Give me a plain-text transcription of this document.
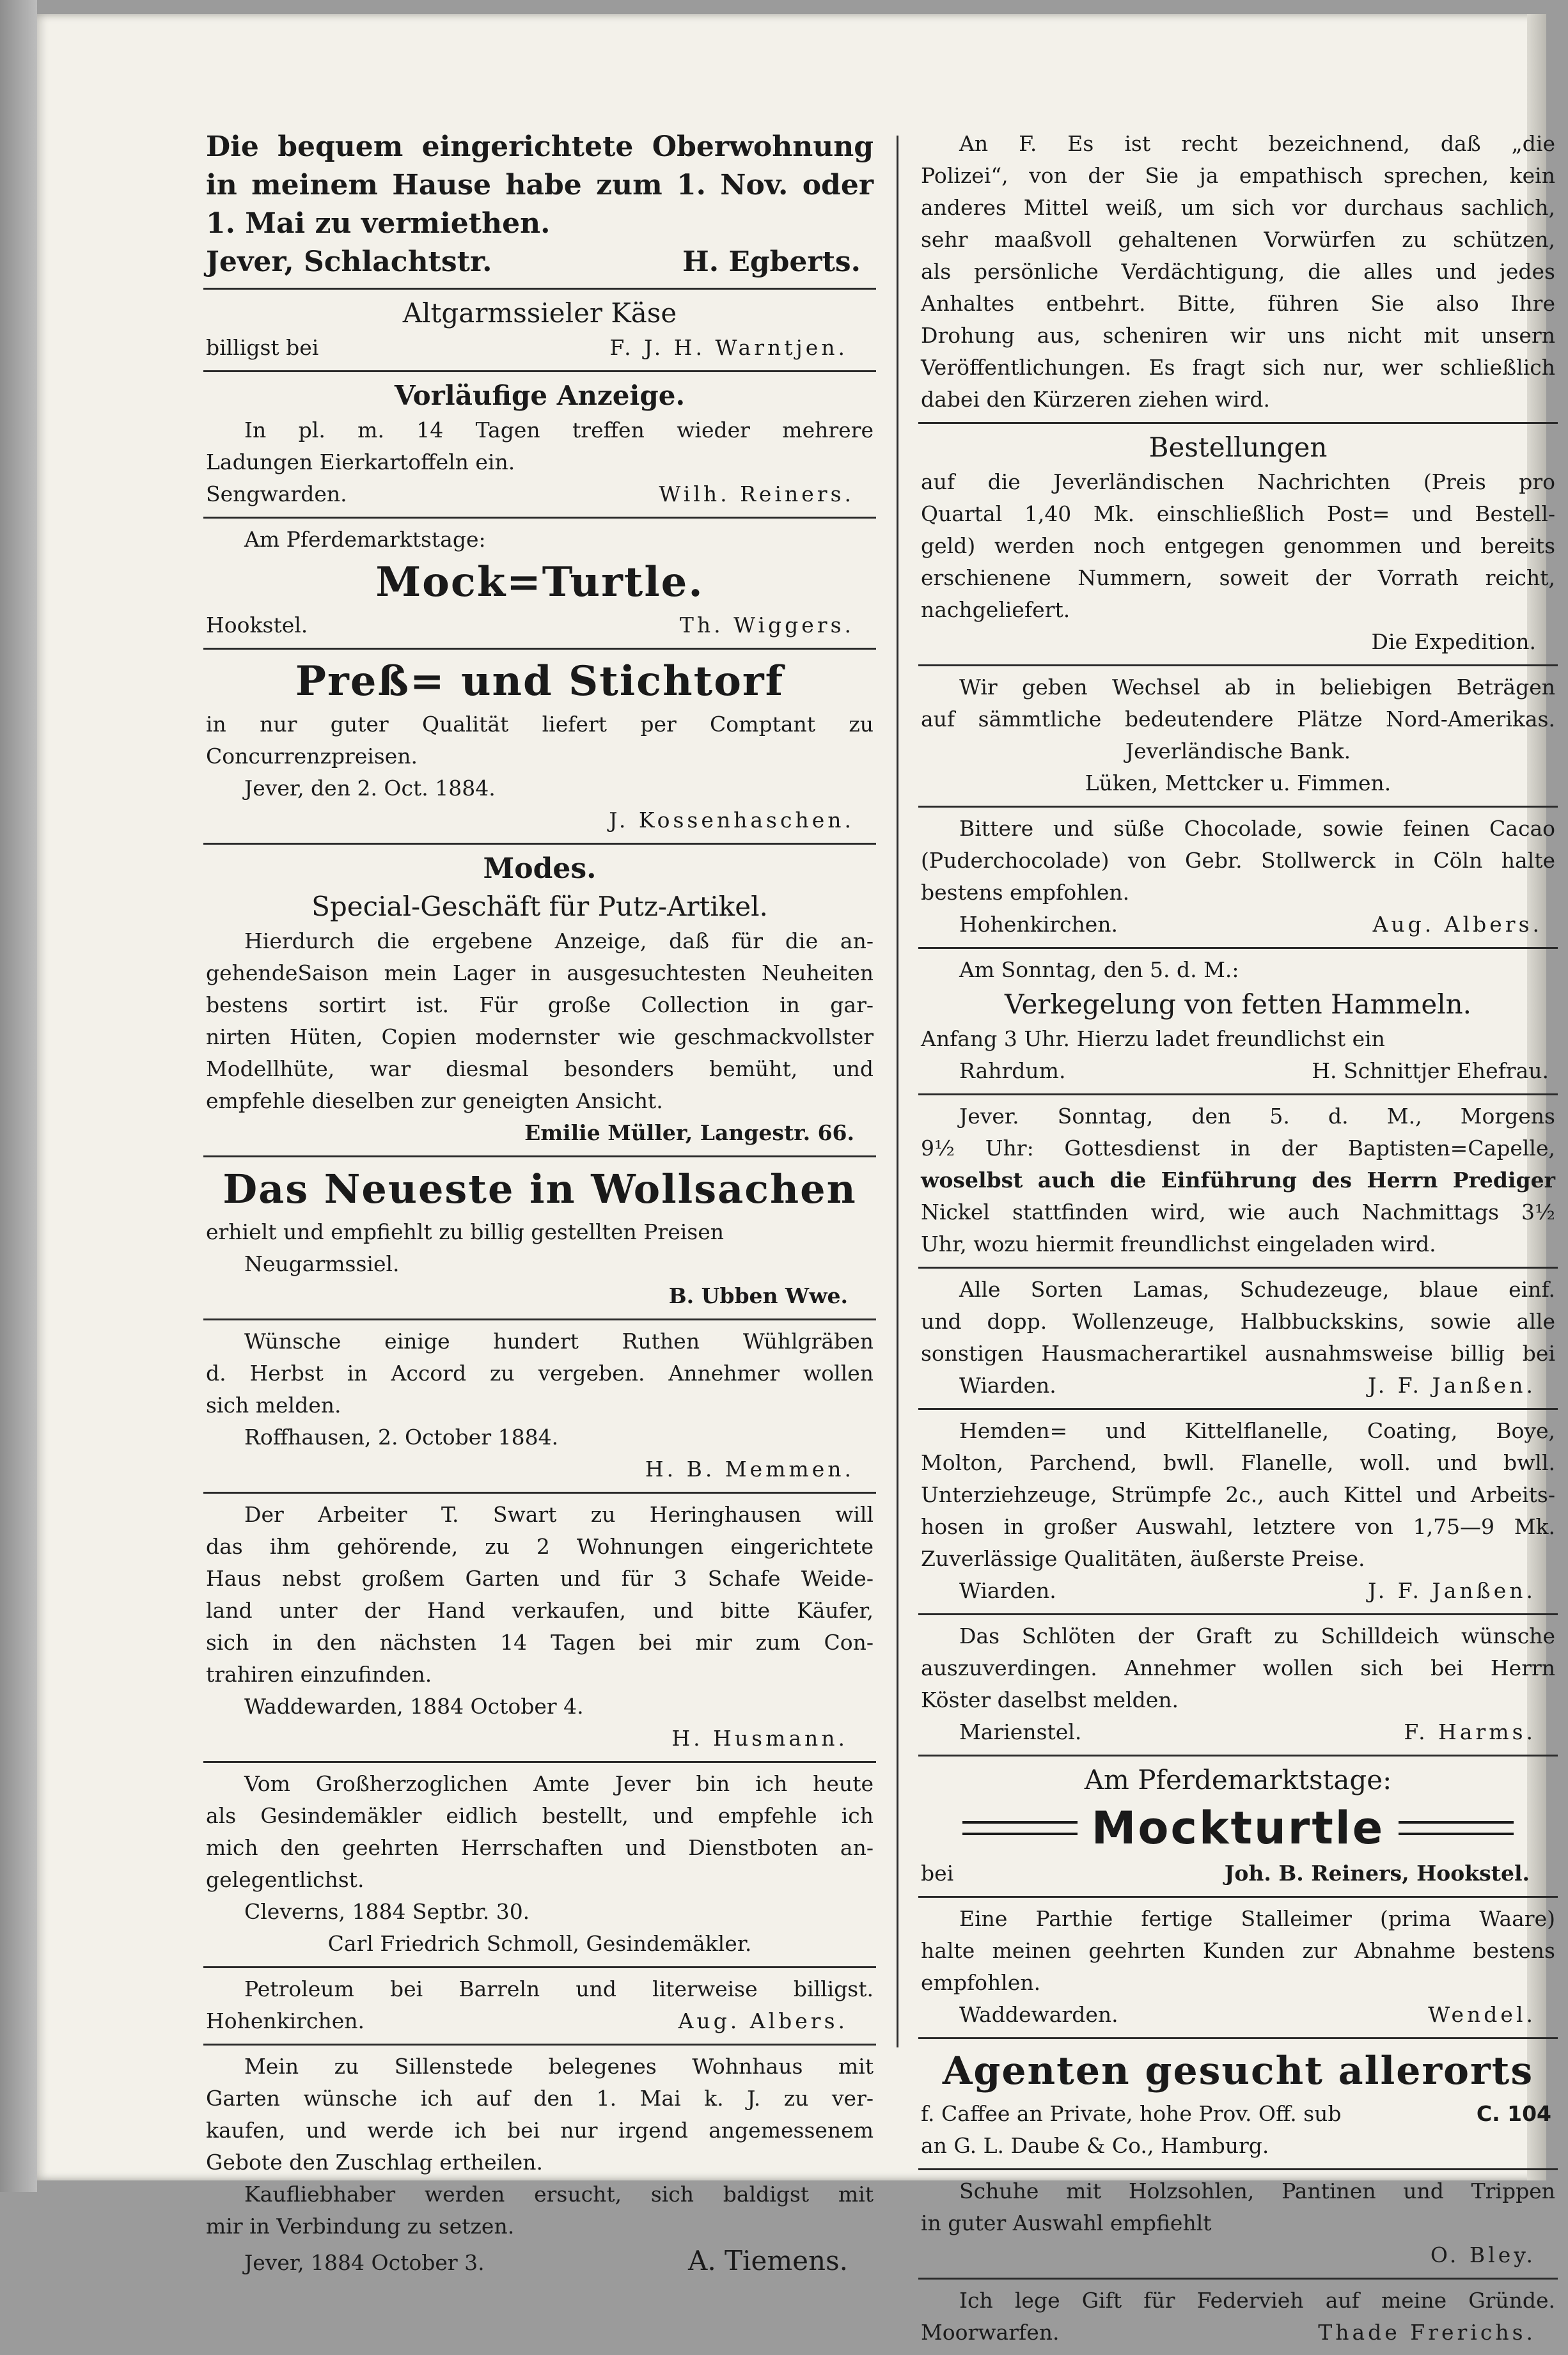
Die bequem eingerichtete Oberwohnung

in meinem Hause habe zum 1. Nov. oder

1. Mai zu vermiethen.

Jever, Schlachtstr.	H. Egberts.

Altgarmssieler Käse

billigst bei	F. J. H. Warntjen.

Vorläufige Anzeige.

In pl. m. 14 Tagen treffen wieder mehrere

Ladungen Eierkartoffeln ein.

Sengwarden.	Wilh. Reiners.

Am Pferdemarktstage:

Mock=Turtle.

Hookstel.	Th. Wiggers.

Preß= und Stichtorf

in nur guter Qualität liefert per Comptant zu

Concurrenzpreisen.

Jever, den 2. Oct. 1884.

J. Kossenhaschen.

Modes.

Special-Geschäft für Putz-Artikel.

Hierdurch die ergebene Anzeige, daß für die an-

gehendeSaison mein Lager in ausgesuchtesten Neuheiten

bestens sortirt ist. Für große Collection in gar-

nirten Hüten, Copien modernster wie geschmackvollster

Modellhüte, war diesmal besonders bemüht, und

empfehle dieselben zur geneigten Ansicht.

Emilie Müller, Langestr. 66.

Das Neueste in Wollsachen

erhielt und empfiehlt zu billig gestellten Preisen

Neugarmssiel.

B. Ubben Wwe.

Wünsche einige hundert Ruthen Wühlgräben

d. Herbst in Accord zu vergeben. Annehmer wollen

sich melden.

Roffhausen, 2. October 1884.

H. B. Memmen.

Der Arbeiter T. Swart zu Heringhausen will

das ihm gehörende, zu 2 Wohnungen eingerichtete

Haus nebst großem Garten und für 3 Schafe Weide-

land unter der Hand verkaufen, und bitte Käufer,

sich in den nächsten 14 Tagen bei mir zum Con-

trahiren einzufinden.

Waddewarden, 1884 October 4.

H. Husmann.

Vom Großherzoglichen Amte Jever bin ich heute

als Gesindemäkler eidlich bestellt, und empfehle ich

mich den geehrten Herrschaften und Dienstboten an-

gelegentlichst.

Cleverns, 1884 Septbr. 30.

Carl Friedrich Schmoll, Gesindemäkler.

Petroleum bei Barreln und literweise billigst.

Hohenkirchen.	Aug. Albers.

Mein zu Sillenstede belegenes Wohnhaus mit

Garten wünsche ich auf den 1. Mai k. J. zu ver-

kaufen, und werde ich bei nur irgend angemessenem

Gebote den Zuschlag ertheilen.

Kaufliebhaber werden ersucht, sich baldigst mit

mir in Verbindung zu setzen.

Jever, 1884 October 3.	A. Tiemens.

An F. Es ist recht bezeichnend, daß „die

Polizei“, von der Sie ja empathisch sprechen, kein

anderes Mittel weiß, um sich vor durchaus sachlich,

sehr maaßvoll gehaltenen Vorwürfen zu schützen,

als persönliche Verdächtigung, die alles und jedes

Anhaltes entbehrt. Bitte, führen Sie also Ihre

Drohung aus, scheniren wir uns nicht mit unsern

Veröffentlichungen. Es fragt sich nur, wer schließlich

dabei den Kürzeren ziehen wird.

Bestellungen

auf die Jeverländischen Nachrichten (Preis pro

Quartal 1,40 Mk. einschließlich Post= und Bestell-

geld) werden noch entgegen genommen und bereits

erschienene Nummern, soweit der Vorrath reicht,

nachgeliefert.

Die Expedition.

Wir geben Wechsel ab in beliebigen Beträgen

auf sämmtliche bedeutendere Plätze Nord-Amerikas.

Jeverländische Bank.

Lüken, Mettcker u. Fimmen.

Bittere und süße Chocolade, sowie feinen Cacao

(Puderchocolade) von Gebr. Stollwerck in Cöln halte

bestens empfohlen.

Hohenkirchen.	Aug. Albers.

Am Sonntag, den 5. d. M.:

Verkegelung von fetten Hammeln.

Anfang 3 Uhr. Hierzu ladet freundlichst ein

Rahrdum.	H. Schnittjer Ehefrau.

Jever. Sonntag, den 5. d. M., Morgens

9½ Uhr: Gottesdienst in der Baptisten=Capelle,

woselbst auch die Einführung des Herrn Prediger

Nickel stattfinden wird, wie auch Nachmittags 3½

Uhr, wozu hiermit freundlichst eingeladen wird.

Alle Sorten Lamas, Schudezeuge, blaue einf.

und dopp. Wollenzeuge, Halbbuckskins, sowie alle

sonstigen Hausmacherartikel ausnahmsweise billig bei

Wiarden.	J. F. Janßen.

Hemden= und Kittelflanelle, Coating, Boye,

Molton, Parchend, bwll. Flanelle, woll. und bwll.

Unterziehzeuge, Strümpfe 2c., auch Kittel und Arbeits-

hosen in großer Auswahl, letztere von 1,75—9 Mk.

Zuverlässige Qualitäten, äußerste Preise.

Wiarden.	J. F. Janßen.

Das Schlöten der Graft zu Schilldeich wünsche

auszuverdingen. Annehmer wollen sich bei Herrn

Köster daselbst melden.

Marienstel.	F. Harms.

Am Pferdemarktstage:

Mockturtle

bei	Joh. B. Reiners, Hookstel.

Eine Parthie fertige Stalleimer (prima Waare)

halte meinen geehrten Kunden zur Abnahme bestens

empfohlen.

Waddewarden.	Wendel.

Agenten gesucht allerorts

f. Caffee an Private, hohe Prov. Off. sub	C. 104

an G. L. Daube & Co., Hamburg.

Schuhe mit Holzsohlen, Pantinen und Trippen

in guter Auswahl empfiehlt

O. Bley.

Ich lege Gift für Federvieh auf meine Gründe.

Moorwarfen.	Thade Frerichs.
